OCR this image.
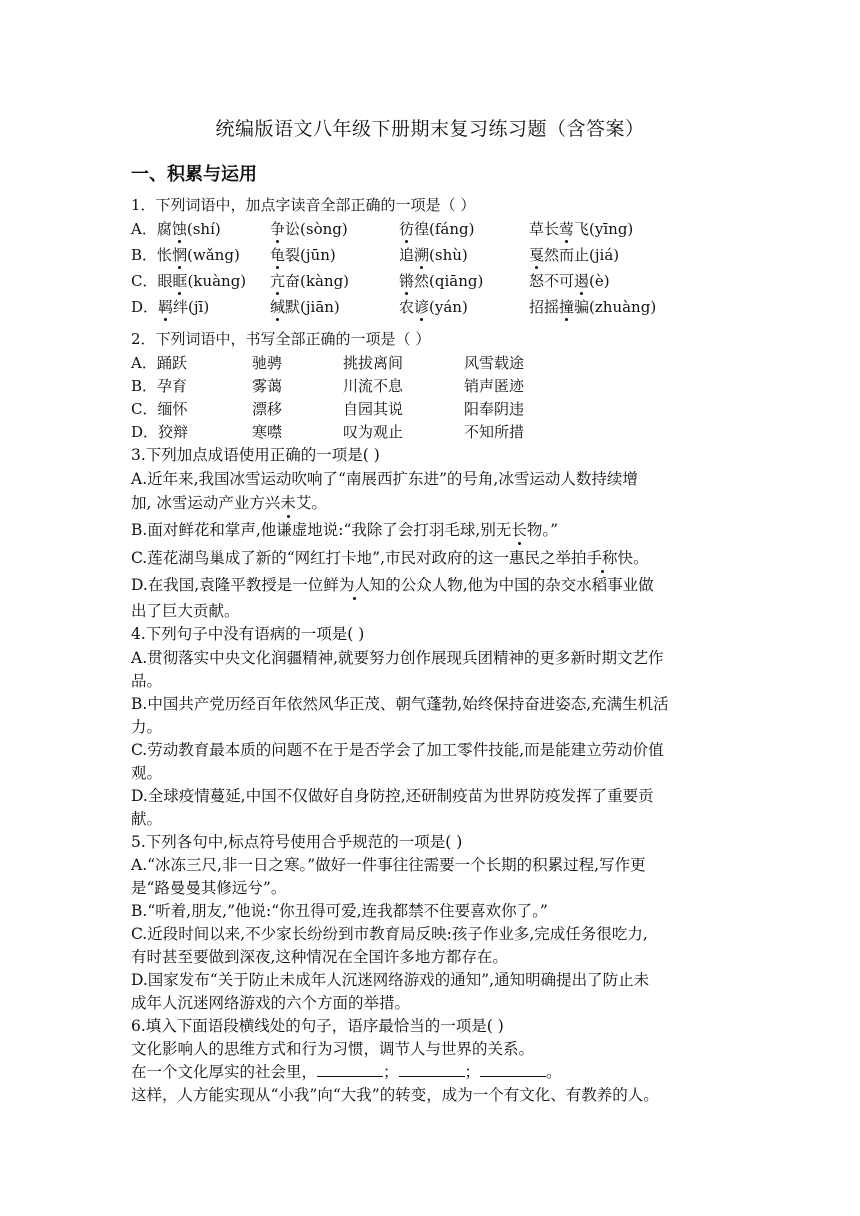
统编版语文八年级下册期末复习练习题（含答案）
一、积累与运用
1．下列词语中，加点字读音全部正确的一项是（ ）
A．腐蚀(shí)	争讼(sòng)	彷徨(fáng)	草长莺飞(yīng)
B．怅惘(wǎng) 龟裂(jūn)	追溯(shù)	戛然而止(jiá)
C．眼眶(kuàng) 亢奋(kàng)	锵然(qiāng)	怒不可遏(è)
D．羁绊(jī)	缄默(jiān)	农谚(yán)	招摇撞骗(zhuàng)
2．下列词语中，书写全部正确的一项是（ ）
A．踊跃	驰骋	挑拔离间	风雪载途
B．孕育	雾蔼	川流不息	销声匿迹
C．缅怀	漂移	自园其说	阳奉阴违
D．狡辩	寒噤	叹为观止	不知所措
3.下列加点成语使用正确的一项是( )
A.近年来,我国冰雪运动吹响了“南展西扩东进”的号角,冰雪运动人数持续增
加, 冰雪运动产业方兴未艾。
B.面对鲜花和掌声,他谦虚地说:“我除了会打羽毛球,别无长物。”
C.莲花湖鸟巢成了新的“网红打卡地”,市民对政府的这一惠民之举拍手称快。
D.在我国,袁隆平教授是一位鲜为人知的公众人物,他为中国的杂交水稻事业做
出了巨大贡献。
4.下列句子中没有语病的一项是( )
A.贯彻落实中央文化润疆精神,就要努力创作展现兵团精神的更多新时期文艺作
品。
B.中国共产党历经百年依然风华正茂、朝气蓬勃,始终保持奋进姿态,充满生机活
力。
C.劳动教育最本质的问题不在于是否学会了加工零件技能,而是能建立劳动价值
观。
D.全球疫情蔓延,中国不仅做好自身防控,还研制疫苗为世界防疫发挥了重要贡
献。
5.下列各句中,标点符号使用合乎规范的一项是( )
A.“冰冻三尺,非一日之寒。”做好一件事往往需要一个长期的积累过程,写作更
是“路曼曼其修远兮”。
B.“听着,朋友,”他说:“你丑得可爱,连我都禁不住要喜欢你了。”
C.近段时间以来,不少家长纷纷到市教育局反映:孩子作业多,完成任务很吃力,
有时甚至要做到深夜,这种情况在全国许多地方都存在。
D.国家发布“关于防止未成年人沉迷网络游戏的通知”,通知明确提出了防止未
成年人沉迷网络游戏的六个方面的举措。
6.填入下面语段横线处的句子，语序最恰当的一项是( )
文化影响人的思维方式和行为习惯，调节人与世界的关系。
在一个文化厚实的社会里，	；	；	。
这样，人方能实现从“小我”向“大我”的转变，成为一个有文化、有教养的人。
